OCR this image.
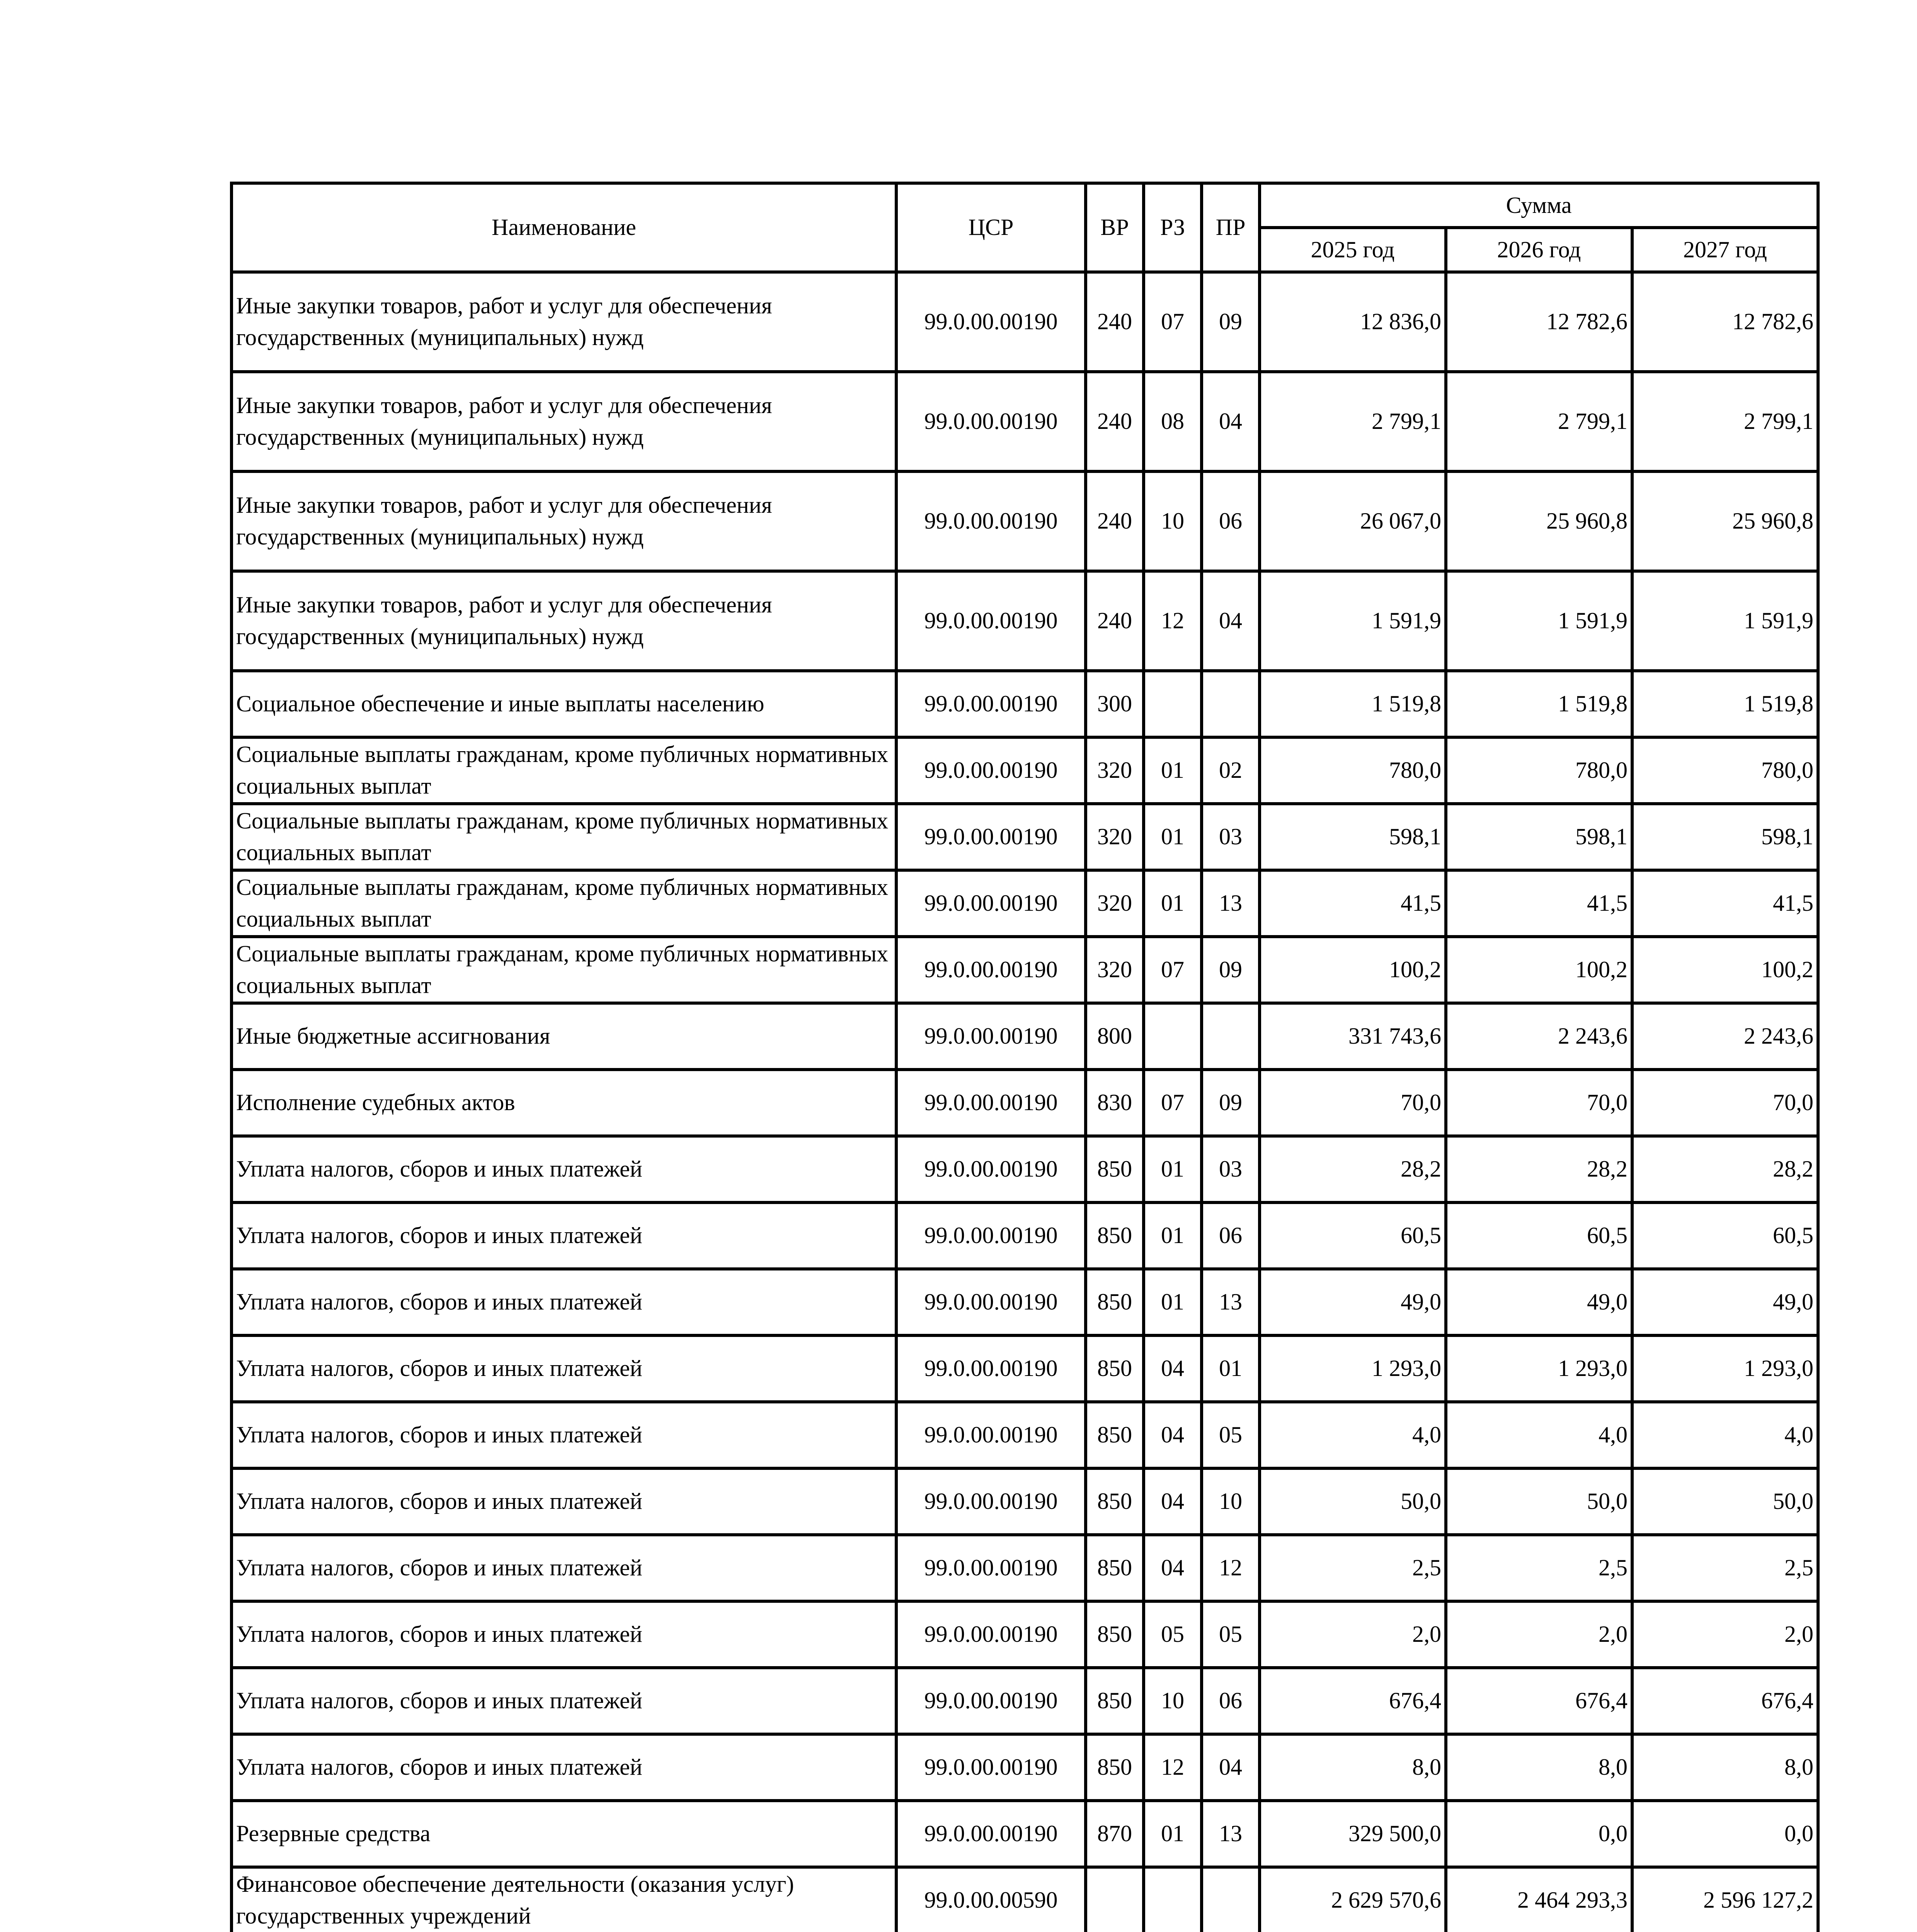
Наименование	ЦСР	ВР	РЗ	ПР	Сумма		
					2025 год	2026 год	2027 год
Иные закупки товаров, работ и услуг для обеспечения государственных (муниципальных) нужд	99.0.00.00190	240	07	09	12 836,0	12 782,6	12 782,6
Иные закупки товаров, работ и услуг для обеспечения государственных (муниципальных) нужд	99.0.00.00190	240	08	04	2 799,1	2 799,1	2 799,1
Иные закупки товаров, работ и услуг для обеспечения государственных (муниципальных) нужд	99.0.00.00190	240	10	06	26 067,0	25 960,8	25 960,8
Иные закупки товаров, работ и услуг для обеспечения государственных (муниципальных) нужд	99.0.00.00190	240	12	04	1 591,9	1 591,9	1 591,9
Социальное обеспечение и иные выплаты населению	99.0.00.00190	300			1 519,8	1 519,8	1 519,8
Социальные выплаты гражданам, кроме публичных нормативных социальных выплат	99.0.00.00190	320	01	02	780,0	780,0	780,0
Социальные выплаты гражданам, кроме публичных нормативных социальных выплат	99.0.00.00190	320	01	03	598,1	598,1	598,1
Социальные выплаты гражданам, кроме публичных нормативных социальных выплат	99.0.00.00190	320	01	13	41,5	41,5	41,5
Социальные выплаты гражданам, кроме публичных нормативных социальных выплат	99.0.00.00190	320	07	09	100,2	100,2	100,2
Иные бюджетные ассигнования	99.0.00.00190	800			331 743,6	2 243,6	2 243,6
Исполнение судебных актов	99.0.00.00190	830	07	09	70,0	70,0	70,0
Уплата налогов, сборов и иных платежей	99.0.00.00190	850	01	03	28,2	28,2	28,2
Уплата налогов, сборов и иных платежей	99.0.00.00190	850	01	06	60,5	60,5	60,5
Уплата налогов, сборов и иных платежей	99.0.00.00190	850	01	13	49,0	49,0	49,0
Уплата налогов, сборов и иных платежей	99.0.00.00190	850	04	01	1 293,0	1 293,0	1 293,0
Уплата налогов, сборов и иных платежей	99.0.00.00190	850	04	05	4,0	4,0	4,0
Уплата налогов, сборов и иных платежей	99.0.00.00190	850	04	10	50,0	50,0	50,0
Уплата налогов, сборов и иных платежей	99.0.00.00190	850	04	12	2,5	2,5	2,5
Уплата налогов, сборов и иных платежей	99.0.00.00190	850	05	05	2,0	2,0	2,0
Уплата налогов, сборов и иных платежей	99.0.00.00190	850	10	06	676,4	676,4	676,4
Уплата налогов, сборов и иных платежей	99.0.00.00190	850	12	04	8,0	8,0	8,0
Резервные средства	99.0.00.00190	870	01	13	329 500,0	0,0	0,0
Финансовое обеспечение деятельности (оказания услуг) государственных учреждений	99.0.00.00590				2 629 570,6	2 464 293,3	2 596 127,2
